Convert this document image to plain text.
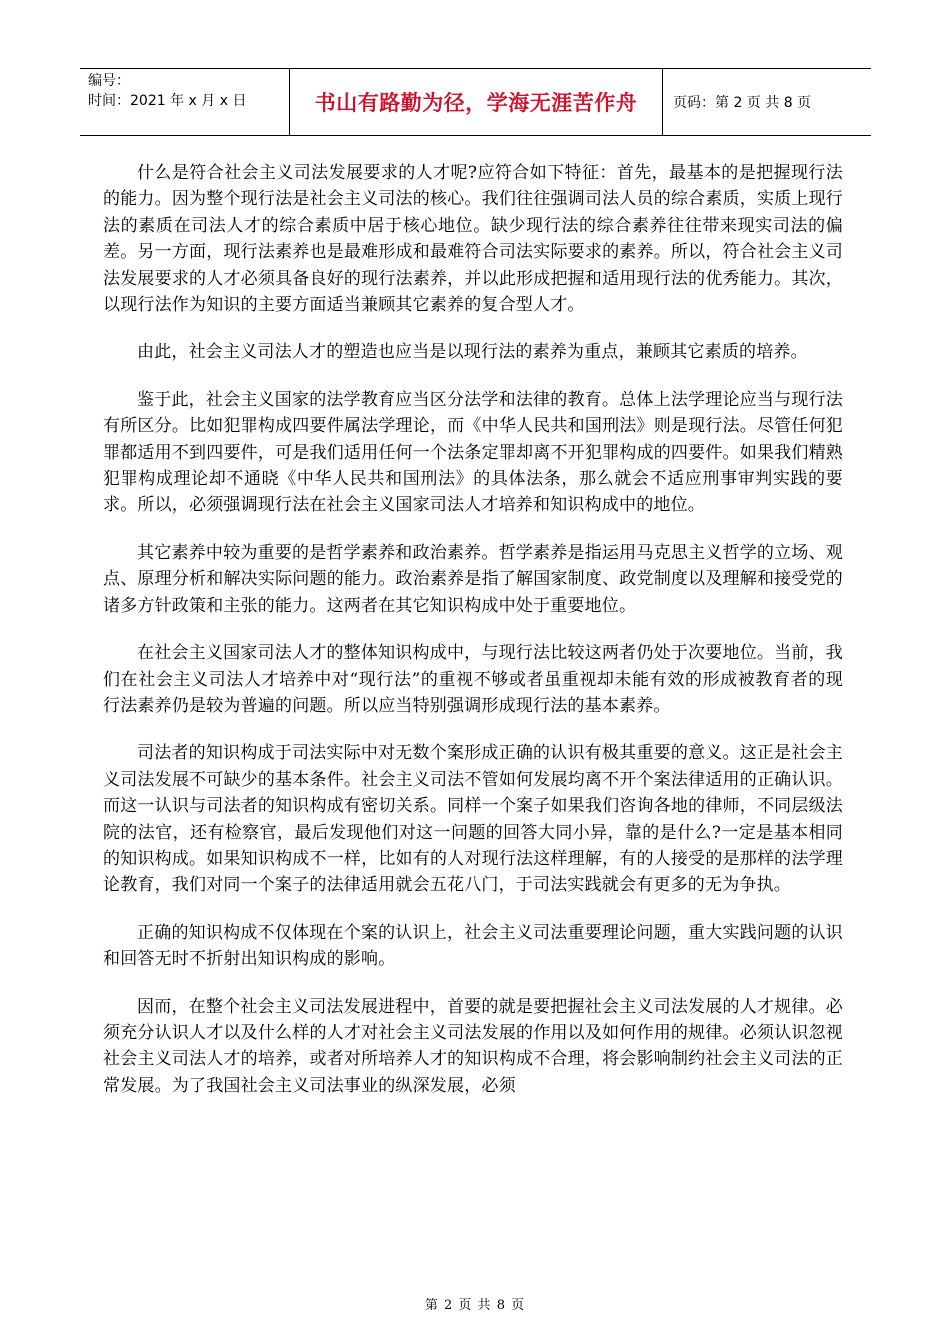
编号：
时间：2021 年 x 月 x 日	书山有路勤为径，学海无涯苦作舟	页码：第 2 页 共 8 页

什么是符合社会主义司法发展要求的人才呢?应符合如下特征：首先，最基本的是把握现行法的能力。因为整个现行法是社会主义司法的核心。我们往往强调司法人员的综合素质，实质上现行法的素质在司法人才的综合素质中居于核心地位。缺少现行法的综合素养往往带来现实司法的偏差。另一方面，现行法素养也是最难形成和最难符合司法实际要求的素养。所以，符合社会主义司法发展要求的人才必须具备良好的现行法素养，并以此形成把握和适用现行法的优秀能力。其次，以现行法作为知识的主要方面适当兼顾其它素养的复合型人才。

由此，社会主义司法人才的塑造也应当是以现行法的素养为重点，兼顾其它素质的培养。

鉴于此，社会主义国家的法学教育应当区分法学和法律的教育。总体上法学理论应当与现行法有所区分。比如犯罪构成四要件属法学理论，而《中华人民共和国刑法》则是现行法。尽管任何犯罪都适用不到四要件，可是我们适用任何一个法条定罪却离不开犯罪构成的四要件。如果我们精熟犯罪构成理论却不通晓《中华人民共和国刑法》的具体法条，那么就会不适应刑事审判实践的要求。所以，必须强调现行法在社会主义国家司法人才培养和知识构成中的地位。

其它素养中较为重要的是哲学素养和政治素养。哲学素养是指运用马克思主义哲学的立场、观点、原理分析和解决实际问题的能力。政治素养是指了解国家制度、政党制度以及理解和接受党的诸多方针政策和主张的能力。这两者在其它知识构成中处于重要地位。

在社会主义国家司法人才的整体知识构成中，与现行法比较这两者仍处于次要地位。当前，我们在社会主义司法人才培养中对“现行法”的重视不够或者虽重视却未能有效的形成被教育者的现行法素养仍是较为普遍的问题。所以应当特别强调形成现行法的基本素养。

司法者的知识构成于司法实际中对无数个案形成正确的认识有极其重要的意义。这正是社会主义司法发展不可缺少的基本条件。社会主义司法不管如何发展均离不开个案法律适用的正确认识。而这一认识与司法者的知识构成有密切关系。同样一个案子如果我们咨询各地的律师，不同层级法院的法官，还有检察官，最后发现他们对这一问题的回答大同小异，靠的是什么?一定是基本相同的知识构成。如果知识构成不一样，比如有的人对现行法这样理解，有的人接受的是那样的法学理论教育，我们对同一个案子的法律适用就会五花八门，于司法实践就会有更多的无为争执。

正确的知识构成不仅体现在个案的认识上，社会主义司法重要理论问题，重大实践问题的认识和回答无时不折射出知识构成的影响。

因而，在整个社会主义司法发展进程中，首要的就是要把握社会主义司法发展的人才规律。必须充分认识人才以及什么样的人才对社会主义司法发展的作用以及如何作用的规律。必须认识忽视社会主义司法人才的培养，或者对所培养人才的知识构成不合理，将会影响制约社会主义司法的正常发展。为了我国社会主义司法事业的纵深发展，必须

第 2 页 共 8 页
